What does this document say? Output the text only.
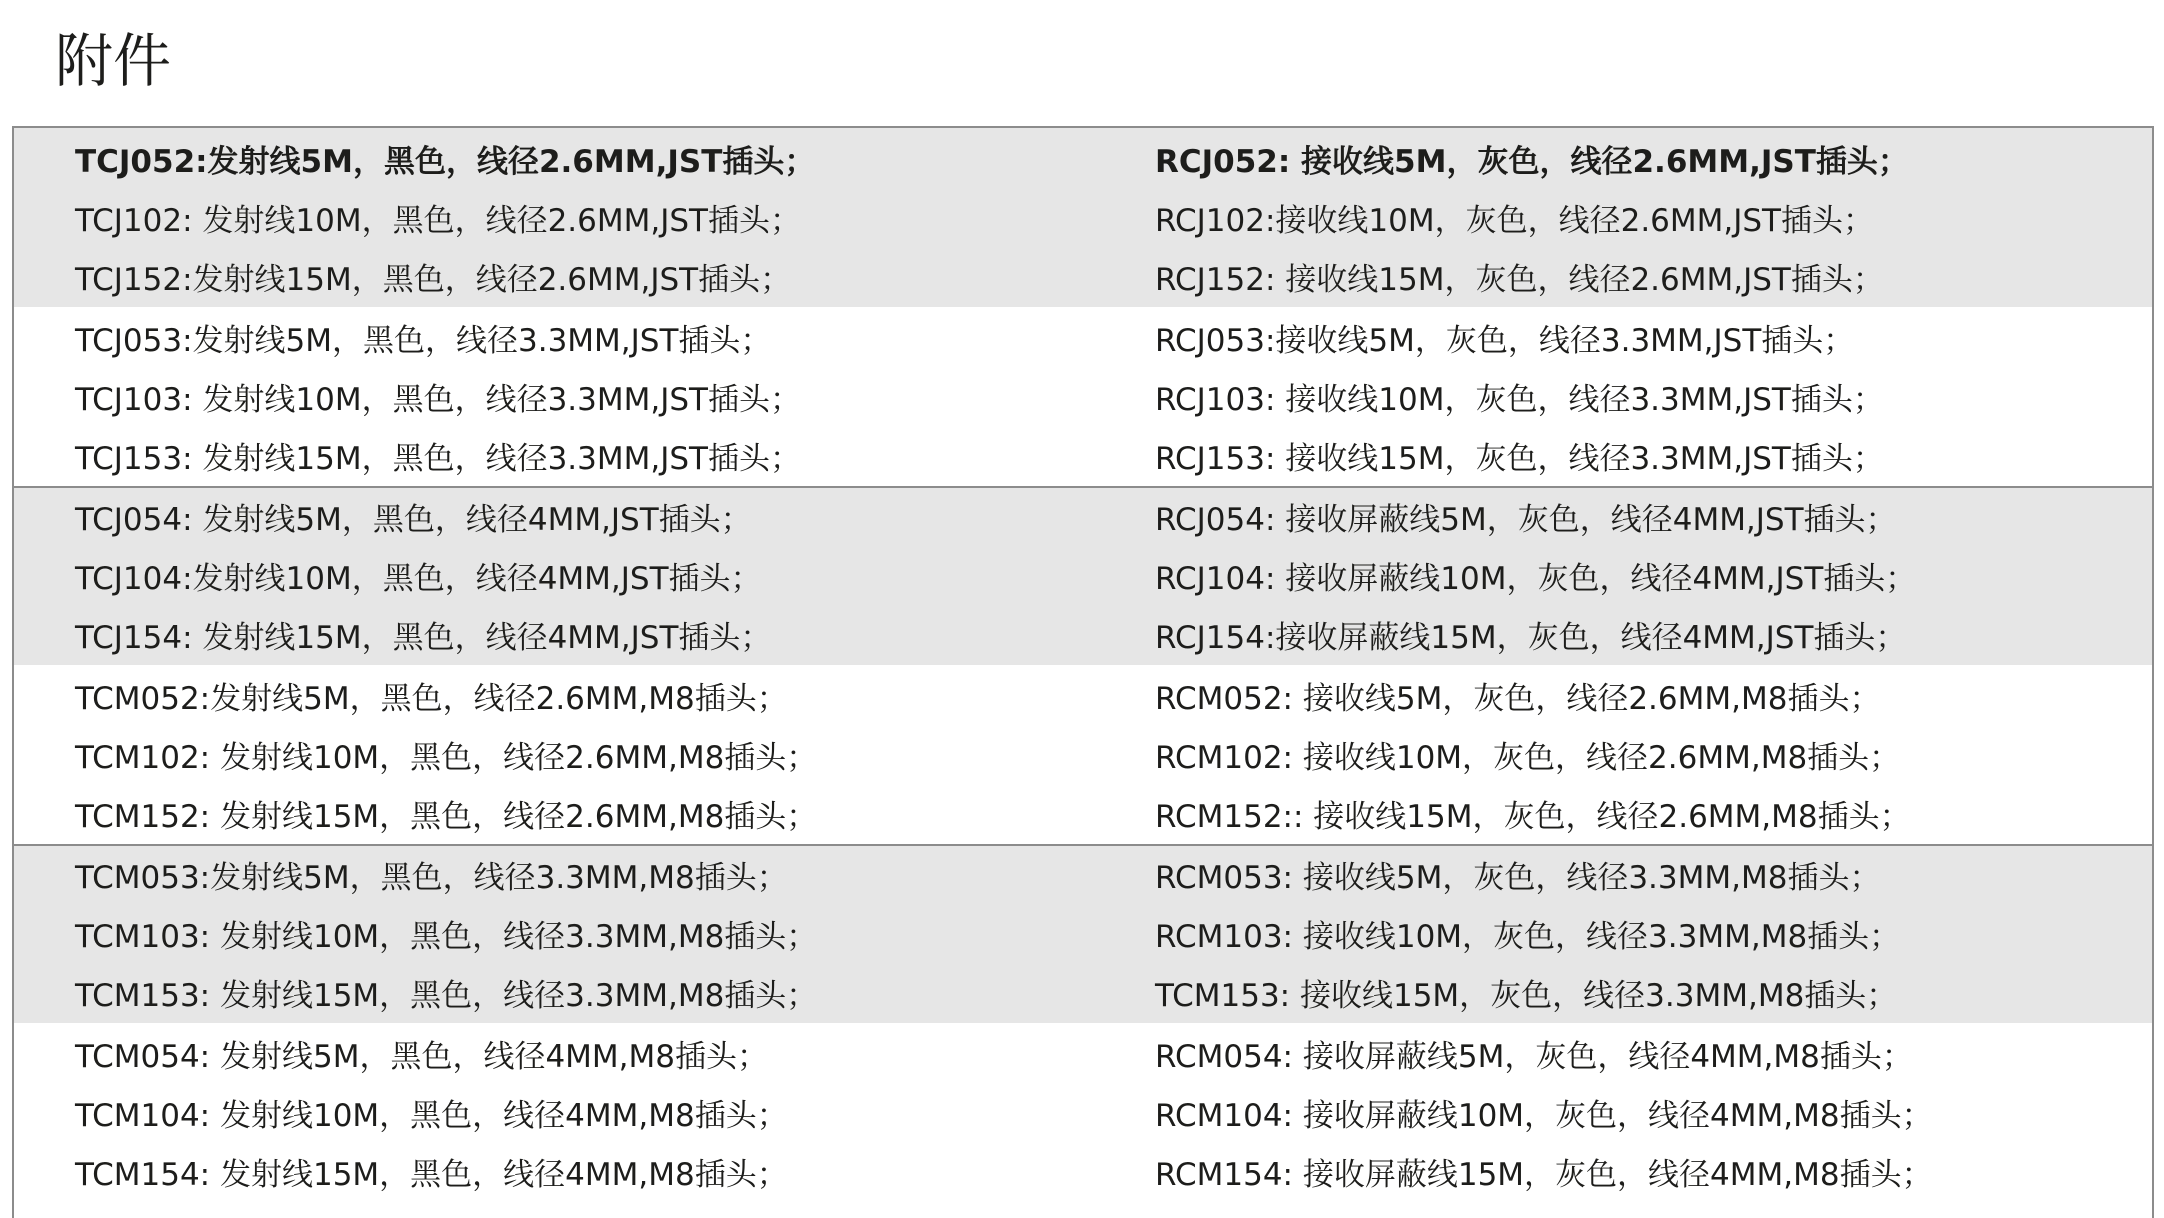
附件
TCJ052:发射线5M，黑色，线径2.6MM,JST插头；	RCJ052: 接收线5M，灰色，线径2.6MM,JST插头；
TCJ102: 发射线10M，黑色，线径2.6MM,JST插头；	RCJ102:接收线10M，灰色，线径2.6MM,JST插头；
TCJ152:发射线15M，黑色，线径2.6MM,JST插头；	RCJ152: 接收线15M，灰色，线径2.6MM,JST插头；
TCJ053:发射线5M，黑色，线径3.3MM,JST插头；	RCJ053:接收线5M，灰色，线径3.3MM,JST插头；
TCJ103: 发射线10M，黑色，线径3.3MM,JST插头；	RCJ103: 接收线10M，灰色，线径3.3MM,JST插头；
TCJ153: 发射线15M，黑色，线径3.3MM,JST插头；	RCJ153: 接收线15M，灰色，线径3.3MM,JST插头；
TCJ054: 发射线5M，黑色，线径4MM,JST插头；	RCJ054: 接收屏蔽线5M，灰色，线径4MM,JST插头；
TCJ104:发射线10M，黑色，线径4MM,JST插头；	RCJ104: 接收屏蔽线10M，灰色，线径4MM,JST插头；
TCJ154: 发射线15M，黑色，线径4MM,JST插头；	RCJ154:接收屏蔽线15M，灰色，线径4MM,JST插头；
TCM052:发射线5M，黑色，线径2.6MM,M8插头；	RCM052: 接收线5M，灰色，线径2.6MM,M8插头；
TCM102: 发射线10M，黑色，线径2.6MM,M8插头；	RCM102: 接收线10M，灰色，线径2.6MM,M8插头；
TCM152: 发射线15M，黑色，线径2.6MM,M8插头；	RCM152:: 接收线15M，灰色，线径2.6MM,M8插头；
TCM053:发射线5M，黑色，线径3.3MM,M8插头；	RCM053: 接收线5M，灰色，线径3.3MM,M8插头；
TCM103: 发射线10M，黑色，线径3.3MM,M8插头；	RCM103: 接收线10M，灰色，线径3.3MM,M8插头；
TCM153: 发射线15M，黑色，线径3.3MM,M8插头；	TCM153: 接收线15M，灰色，线径3.3MM,M8插头；
TCM054: 发射线5M，黑色，线径4MM,M8插头；	RCM054: 接收屏蔽线5M，灰色，线径4MM,M8插头；
TCM104: 发射线10M，黑色，线径4MM,M8插头；	RCM104: 接收屏蔽线10M，灰色，线径4MM,M8插头；
TCM154: 发射线15M，黑色，线径4MM,M8插头；	RCM154: 接收屏蔽线15M，灰色，线径4MM,M8插头；
